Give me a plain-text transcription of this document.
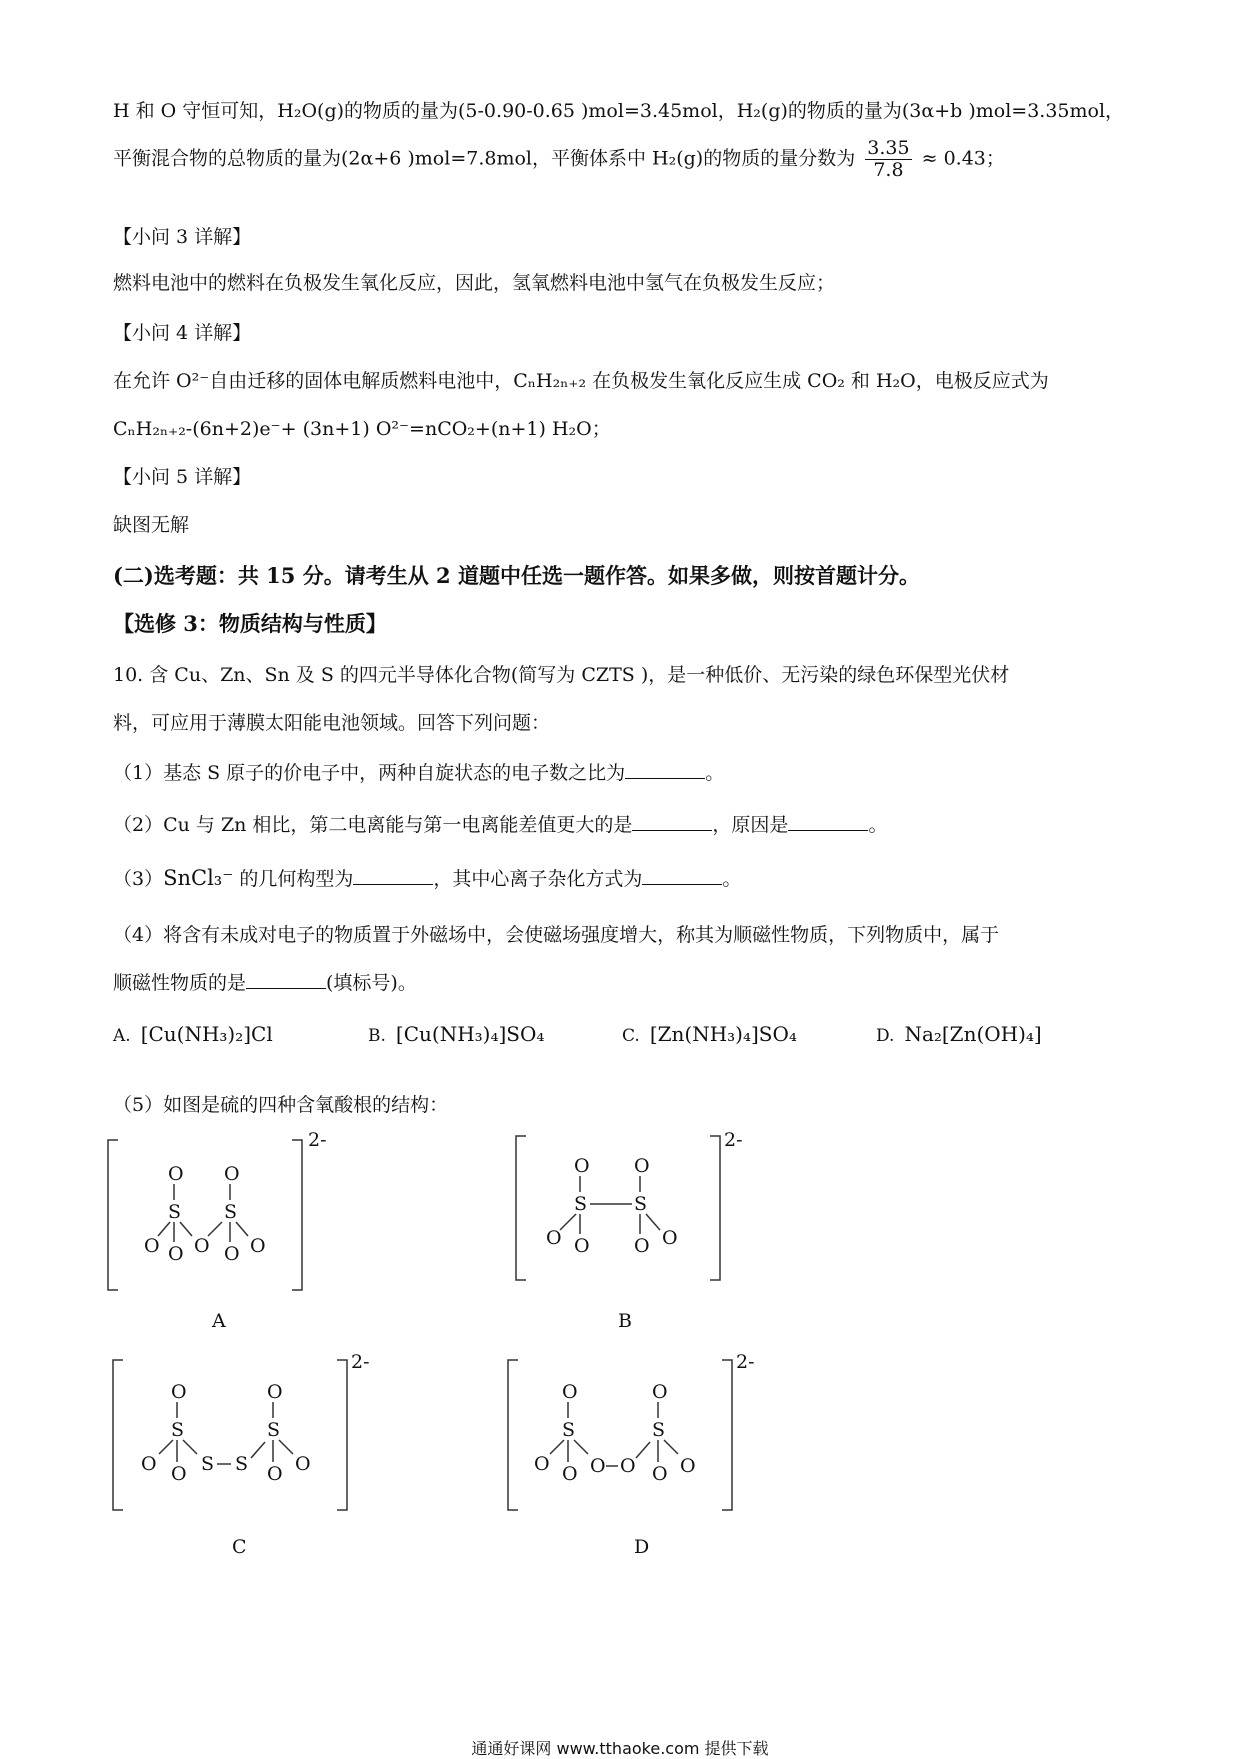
H 和 O 守恒可知，H₂O(g)的物质的量为(5-0.90-0.65 )mol=3.45mol，H₂(g)的物质的量为(3α+b )mol=3.35mol，
平衡混合物的总物质的量为(2α+6 )mol=7.8mol，平衡体系中 H₂(g)的物质的量分数为 $\frac{3.35}{7.8} \approx 0.43$；
【小问 3 详解】
燃料电池中的燃料在负极发生氧化反应，因此，氢氧燃料电池中氢气在负极发生反应；
【小问 4 详解】
在允许 O²⁻自由迁移的固体电解质燃料电池中，CₙH₂ₙ₊₂ 在负极发生氧化反应生成 CO₂ 和 H₂O，电极反应式为
CₙH₂ₙ₊₂-(6n+2)e⁻+ (3n+1) O²⁻=nCO₂+(n+1) H₂O；
【小问 5 详解】
缺图无解
(二)选考题：共 15 分。请考生从 2 道题中任选一题作答。如果多做，则按首题计分。
【选修 3：物质结构与性质】
10. 含 Cu、Zn、Sn 及 S 的四元半导体化合物(简写为 CZTS )，是一种低价、无污染的绿色环保型光伏材
料，可应用于薄膜太阳能电池领域。回答下列问题：
（1）基态 S 原子的价电子中，两种自旋状态的电子数之比为	。
（2）Cu 与 Zn 相比，第二电离能与第一电离能差值更大的是	，原因是	。
（3）SnCl₃⁻ 的几何构型为	，其中心离子杂化方式为	。
（4）将含有未成对电子的物质置于外磁场中，会使磁场强度增大，称其为顺磁性物质，下列物质中，属于
顺磁性物质的是	(填标号)。
A. [Cu(NH₃)₂]Cl	B. [Cu(NH₃)₄]SO₄	C. [Zn(NH₃)₄]SO₄	D. Na₂[Zn(OH)₄]
（5）如图是硫的四种含氧酸根的结构：
2-
O
S
O O O
O
S
O O
A
2-
O
S
O O
O
S
O O
B
2-
O
S
O O S S
O
S
O O
C
2-
O
S
O O O O
O
S
O O
D
通通好课网 www.tthaoke.com 提供下载
